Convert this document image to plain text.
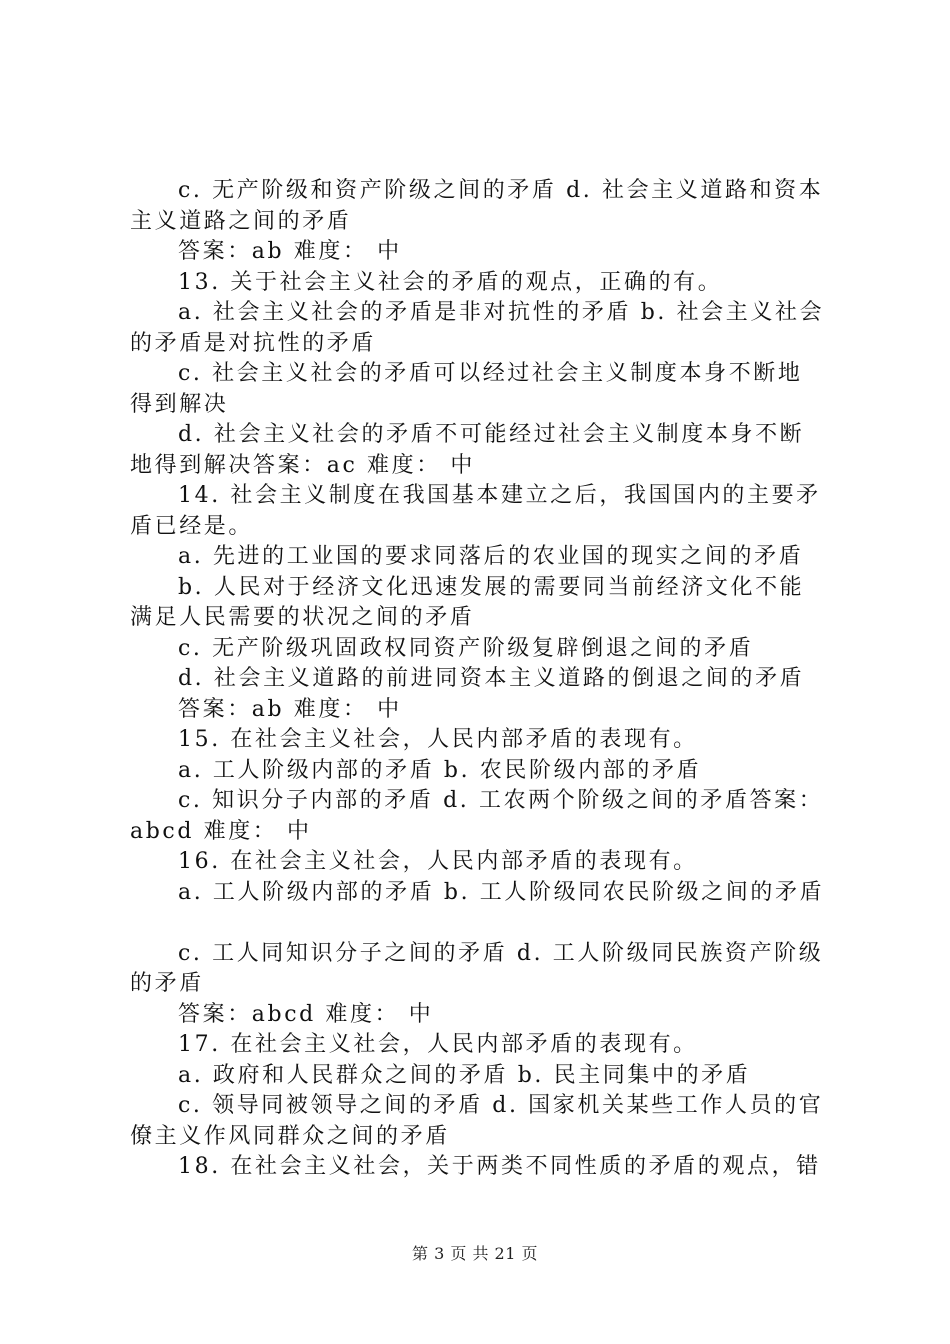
c. 无产阶级和资产阶级之间的矛盾 d. 社会主义道路和资本
主义道路之间的矛盾
答案：ab 难度： 中
13. 关于社会主义社会的矛盾的观点，正确的有。
a. 社会主义社会的矛盾是非对抗性的矛盾 b. 社会主义社会
的矛盾是对抗性的矛盾
c. 社会主义社会的矛盾可以经过社会主义制度本身不断地
得到解决
d. 社会主义社会的矛盾不可能经过社会主义制度本身不断
地得到解决答案：ac 难度： 中
14. 社会主义制度在我国基本建立之后，我国国内的主要矛
盾已经是。
a. 先进的工业国的要求同落后的农业国的现实之间的矛盾
b. 人民对于经济文化迅速发展的需要同当前经济文化不能
满足人民需要的状况之间的矛盾
c. 无产阶级巩固政权同资产阶级复辟倒退之间的矛盾
d. 社会主义道路的前进同资本主义道路的倒退之间的矛盾
答案：ab 难度： 中
15. 在社会主义社会，人民内部矛盾的表现有。
a. 工人阶级内部的矛盾 b. 农民阶级内部的矛盾
c. 知识分子内部的矛盾 d. 工农两个阶级之间的矛盾答案：
abcd 难度： 中
16. 在社会主义社会，人民内部矛盾的表现有。
a. 工人阶级内部的矛盾 b. 工人阶级同农民阶级之间的矛盾
c. 工人同知识分子之间的矛盾 d. 工人阶级同民族资产阶级
的矛盾
答案：abcd 难度： 中
17. 在社会主义社会，人民内部矛盾的表现有。
a. 政府和人民群众之间的矛盾 b. 民主同集中的矛盾
c. 领导同被领导之间的矛盾 d. 国家机关某些工作人员的官
僚主义作风同群众之间的矛盾
18. 在社会主义社会，关于两类不同性质的矛盾的观点，错
第 3 页 共 21 页
